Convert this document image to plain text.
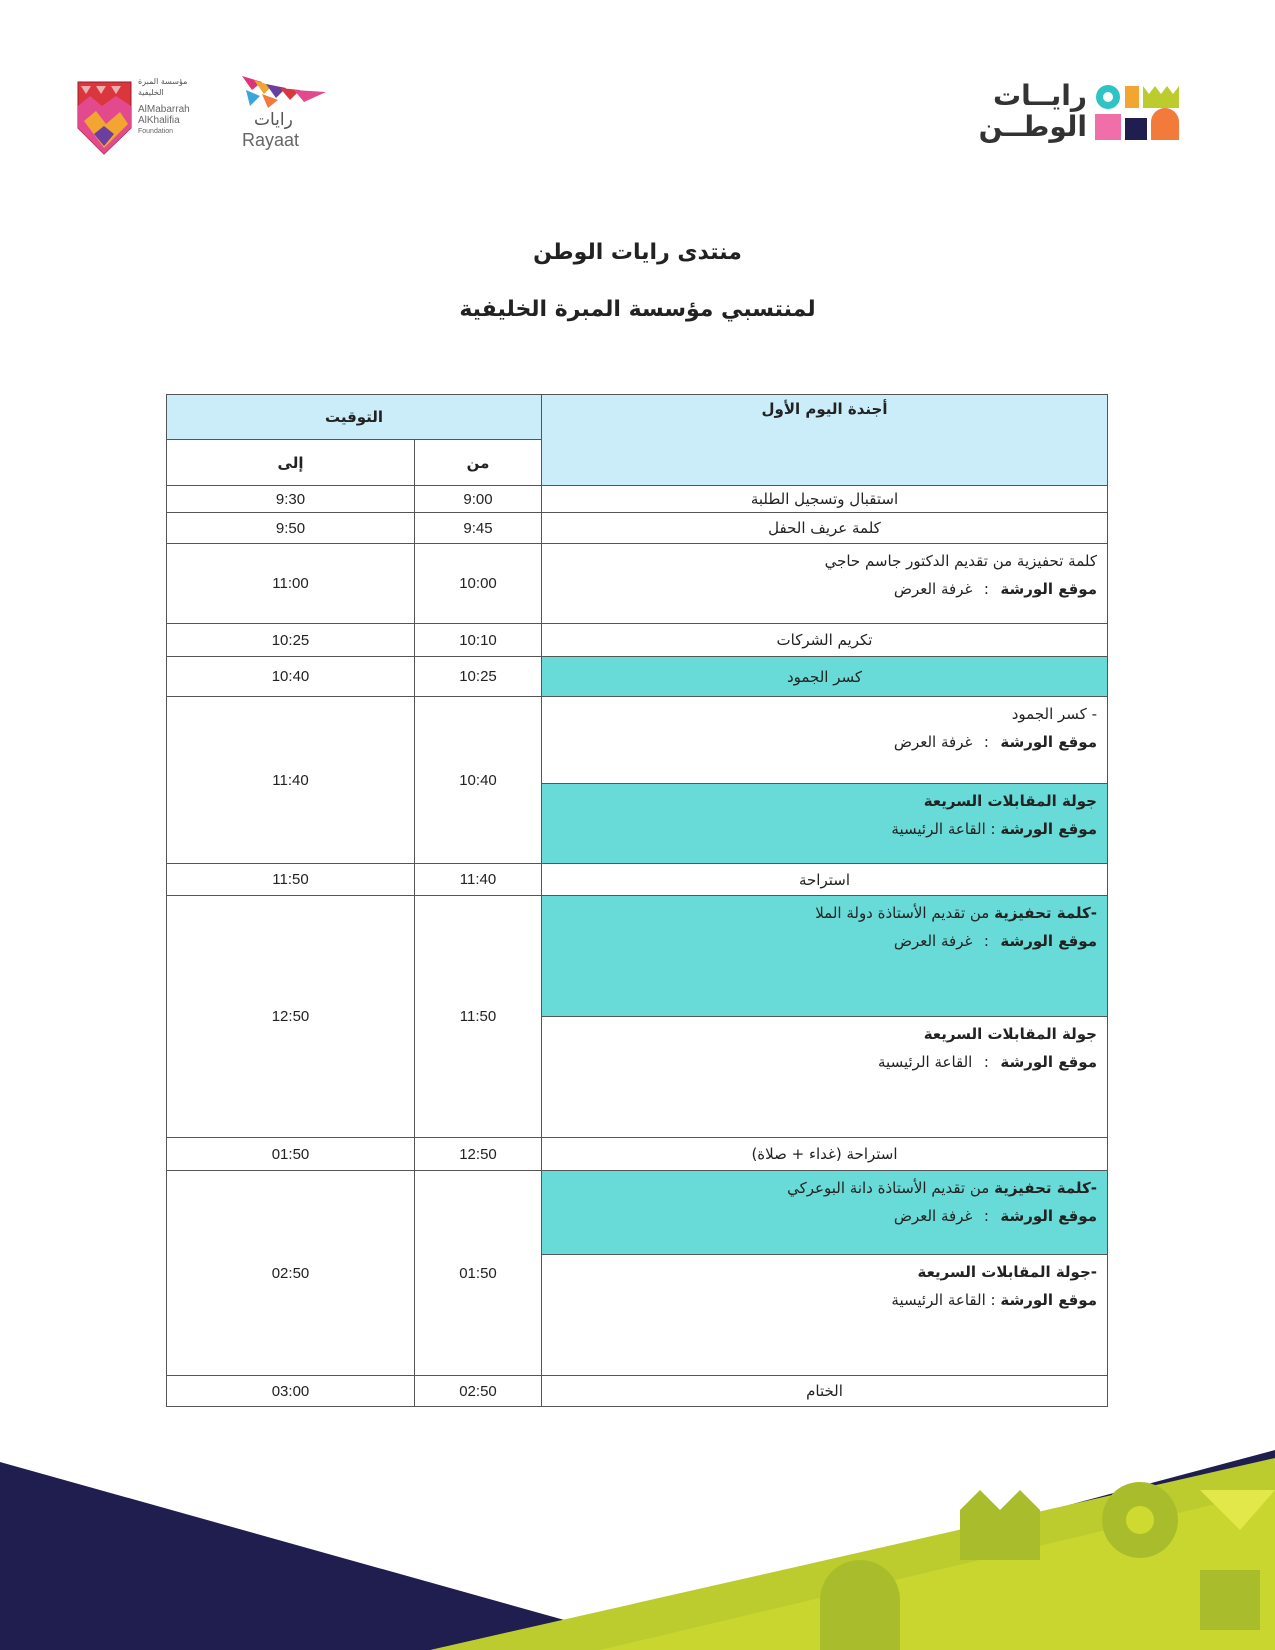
مؤسسة المبرة الخليفية
AlMabarrah
AlKhalifia
Foundation
رايات
Rayaat
رايــات
الوطــن
منتدى رايات الوطن
لمنتسبي مؤسسة المبرة الخليفية
التوقيت		أجندة اليوم الأول
إلى	من	
9:30	9:00	استقبال وتسجيل الطلبة
9:50	9:45	كلمة عريف الحفل
11:00	10:00	كلمة تحفيزية من تقديم الدكتور جاسم حاجي
موقع الورشة:غرفة العرض

10:25	10:10	تكريم الشركات
10:40	10:25	كسر الجمود
11:40	10:40	- كسر الجمود
موقع الورشة:غرفة العرض

		جولة المقابلات السريعة
موقع الورشة : القاعة الرئيسية

11:50	11:40	استراحة
12:50	11:50	-كلمة تحفيزية من تقديم الأستاذة دولة الملا
موقع الورشة:غرفة العرض

		جولة المقابلات السريعة
موقع الورشة:القاعة الرئيسية

01:50	12:50	استراحة (غداء + صلاة)
02:50	01:50	-كلمة تحفيزية من تقديم الأستاذة دانة البوعركي
موقع الورشة:غرفة العرض

		-جولة المقابلات السريعة
موقع الورشة : القاعة الرئيسية

03:00	02:50	الختام
